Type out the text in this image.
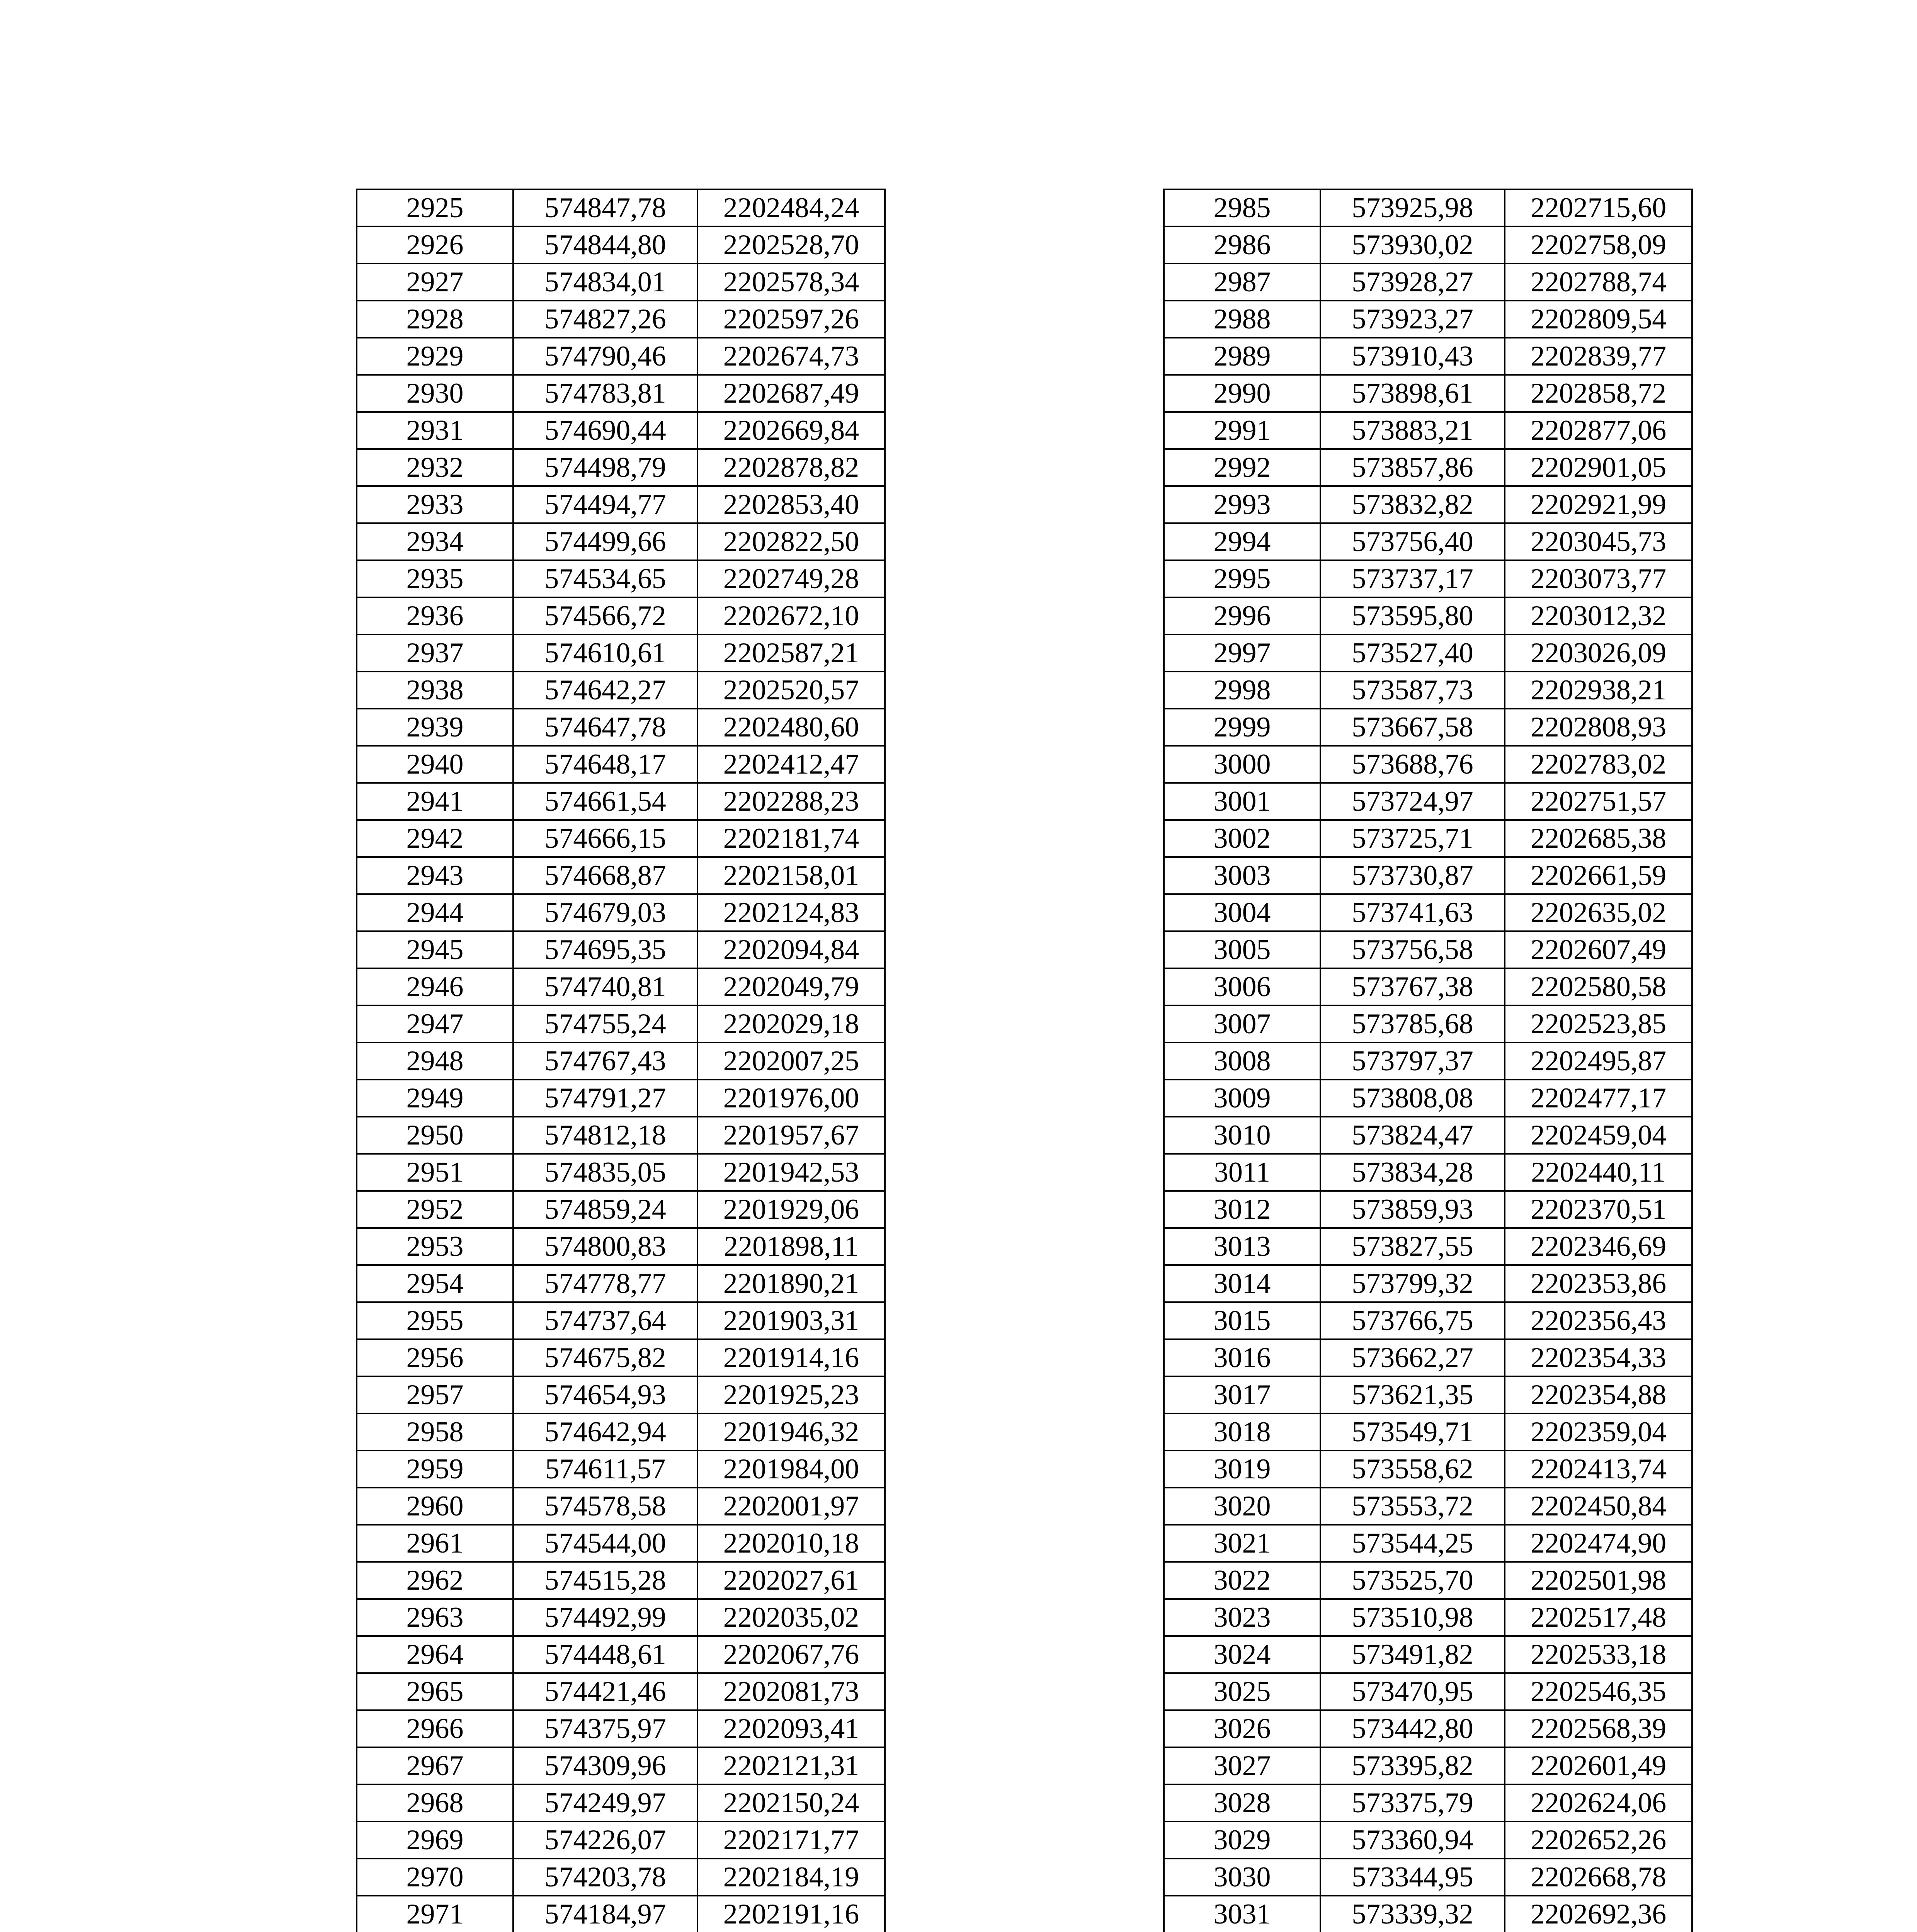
2925	574847,78	2202484,24
2926	574844,80	2202528,70
2927	574834,01	2202578,34
2928	574827,26	2202597,26
2929	574790,46	2202674,73
2930	574783,81	2202687,49
2931	574690,44	2202669,84
2932	574498,79	2202878,82
2933	574494,77	2202853,40
2934	574499,66	2202822,50
2935	574534,65	2202749,28
2936	574566,72	2202672,10
2937	574610,61	2202587,21
2938	574642,27	2202520,57
2939	574647,78	2202480,60
2940	574648,17	2202412,47
2941	574661,54	2202288,23
2942	574666,15	2202181,74
2943	574668,87	2202158,01
2944	574679,03	2202124,83
2945	574695,35	2202094,84
2946	574740,81	2202049,79
2947	574755,24	2202029,18
2948	574767,43	2202007,25
2949	574791,27	2201976,00
2950	574812,18	2201957,67
2951	574835,05	2201942,53
2952	574859,24	2201929,06
2953	574800,83	2201898,11
2954	574778,77	2201890,21
2955	574737,64	2201903,31
2956	574675,82	2201914,16
2957	574654,93	2201925,23
2958	574642,94	2201946,32
2959	574611,57	2201984,00
2960	574578,58	2202001,97
2961	574544,00	2202010,18
2962	574515,28	2202027,61
2963	574492,99	2202035,02
2964	574448,61	2202067,76
2965	574421,46	2202081,73
2966	574375,97	2202093,41
2967	574309,96	2202121,31
2968	574249,97	2202150,24
2969	574226,07	2202171,77
2970	574203,78	2202184,19
2971	574184,97	2202191,16

2985	573925,98	2202715,60
2986	573930,02	2202758,09
2987	573928,27	2202788,74
2988	573923,27	2202809,54
2989	573910,43	2202839,77
2990	573898,61	2202858,72
2991	573883,21	2202877,06
2992	573857,86	2202901,05
2993	573832,82	2202921,99
2994	573756,40	2203045,73
2995	573737,17	2203073,77
2996	573595,80	2203012,32
2997	573527,40	2203026,09
2998	573587,73	2202938,21
2999	573667,58	2202808,93
3000	573688,76	2202783,02
3001	573724,97	2202751,57
3002	573725,71	2202685,38
3003	573730,87	2202661,59
3004	573741,63	2202635,02
3005	573756,58	2202607,49
3006	573767,38	2202580,58
3007	573785,68	2202523,85
3008	573797,37	2202495,87
3009	573808,08	2202477,17
3010	573824,47	2202459,04
3011	573834,28	2202440,11
3012	573859,93	2202370,51
3013	573827,55	2202346,69
3014	573799,32	2202353,86
3015	573766,75	2202356,43
3016	573662,27	2202354,33
3017	573621,35	2202354,88
3018	573549,71	2202359,04
3019	573558,62	2202413,74
3020	573553,72	2202450,84
3021	573544,25	2202474,90
3022	573525,70	2202501,98
3023	573510,98	2202517,48
3024	573491,82	2202533,18
3025	573470,95	2202546,35
3026	573442,80	2202568,39
3027	573395,82	2202601,49
3028	573375,79	2202624,06
3029	573360,94	2202652,26
3030	573344,95	2202668,78
3031	573339,32	2202692,36
